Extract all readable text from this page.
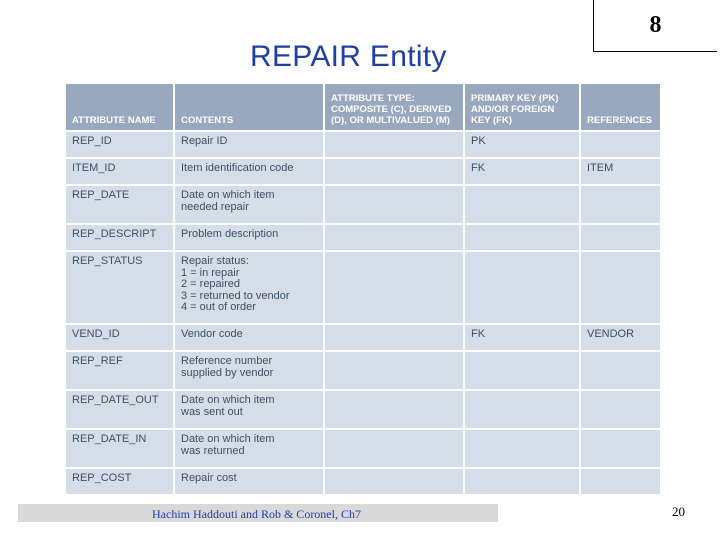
8
REPAIR Entity
ATTRIBUTE NAME	CONTENTS	ATTRIBUTE TYPE: COMPOSITE (C), DERIVED (D), OR MULTIVALUED (M)	PRIMARY KEY (PK) AND/OR FOREIGN KEY (FK)	REFERENCES
REP_ID	Repair ID		PK	
ITEM_ID	Item identification code		FK	ITEM
REP_DATE	Date on which item
needed repair			
REP_DESCRIPT	Problem description			
REP_STATUS	Repair status:
1 = in repair
2 = repaired
3 = returned to vendor
4 = out of order			
VEND_ID	Vendor code		FK	VENDOR
REP_REF	Reference number
supplied by vendor			
REP_DATE_OUT	Date on which item
was sent out			
REP_DATE_IN	Date on which item
was returned			
REP_COST	Repair cost			
Hachim Haddouti and Rob & Coronel, Ch7	20
